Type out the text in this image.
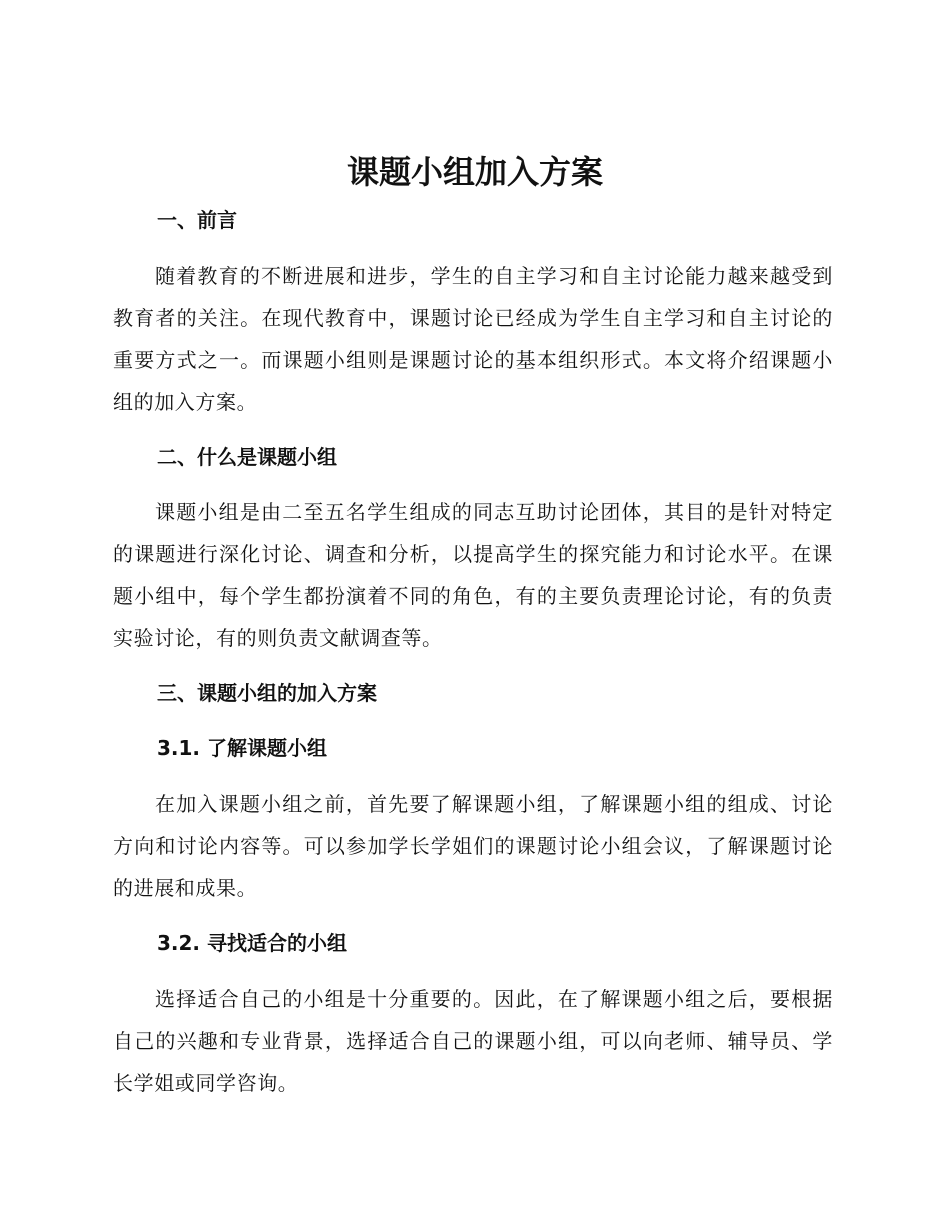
课题小组加入方案
一、前言
随着教育的不断进展和进步，学生的自主学习和自主讨论能力越来越受到教育者的关注。在现代教育中，课题讨论已经成为学生自主学习和自主讨论的重要方式之一。而课题小组则是课题讨论的基本组织形式。本文将介绍课题小组的加入方案。
二、什么是课题小组
课题小组是由二至五名学生组成的同志互助讨论团体，其目的是针对特定的课题进行深化讨论、调查和分析，以提高学生的探究能力和讨论水平。在课题小组中，每个学生都扮演着不同的角色，有的主要负责理论讨论，有的负责实验讨论，有的则负责文献调查等。
三、课题小组的加入方案
3.1. 了解课题小组
在加入课题小组之前，首先要了解课题小组，了解课题小组的组成、讨论方向和讨论内容等。可以参加学长学姐们的课题讨论小组会议，了解课题讨论的进展和成果。
3.2. 寻找适合的小组
选择适合自己的小组是十分重要的。因此，在了解课题小组之后，要根据自己的兴趣和专业背景，选择适合自己的课题小组，可以向老师、辅导员、学长学姐或同学咨询。
